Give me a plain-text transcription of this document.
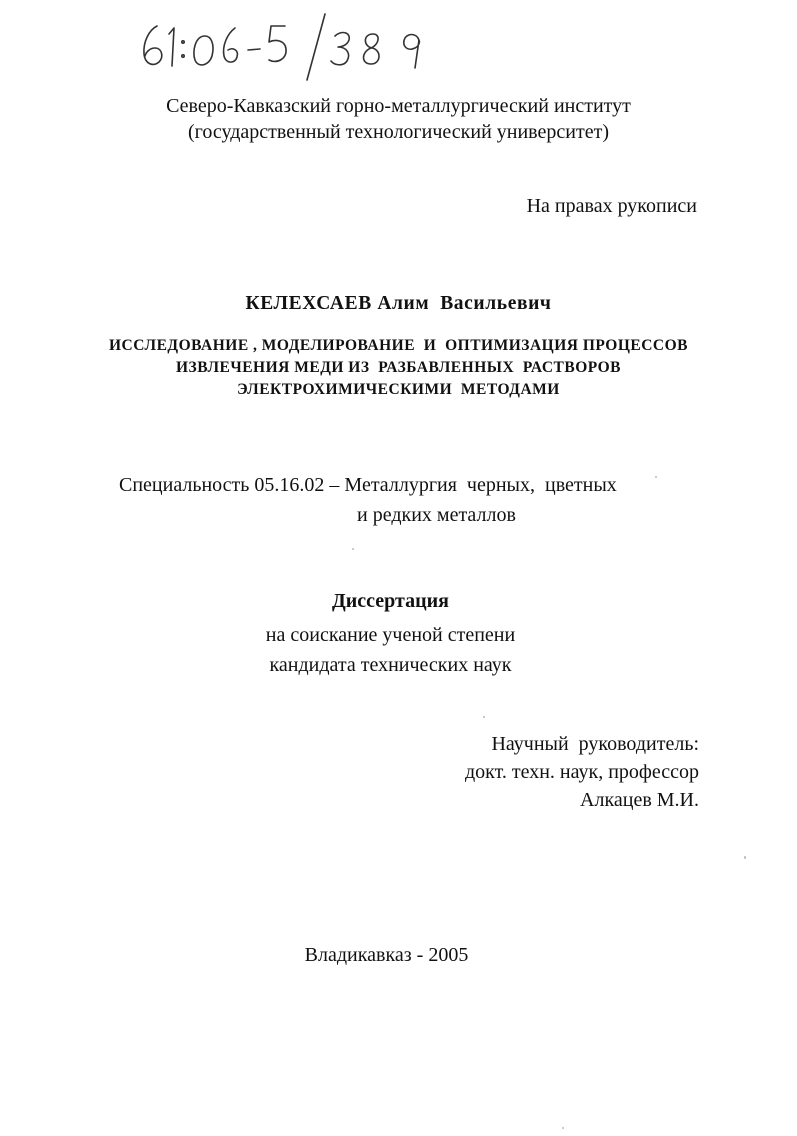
Северо-Кавказский горно-металлургический институт
(государственный технологический университет)
На правах рукописи
КЕЛЕХСАЕВ Алим  Васильевич
ИССЛЕДОВАНИЕ , МОДЕЛИРОВАНИЕ  И  ОПТИМИЗАЦИЯ ПРОЦЕССОВ
ИЗВЛЕЧЕНИЯ МЕДИ ИЗ  РАЗБАВЛЕННЫХ  РАСТВОРОВ
ЭЛЕКТРОХИМИЧЕСКИМИ  МЕТОДАМИ
Специальность 05.16.02 – Металлургия  черных,  цветных
и редких металлов
Диссертация
на соискание ученой степени
кандидата технических наук
Научный  руководитель:
докт. техн. наук, профессор
Алкацев М.И.
Владикавказ - 2005
